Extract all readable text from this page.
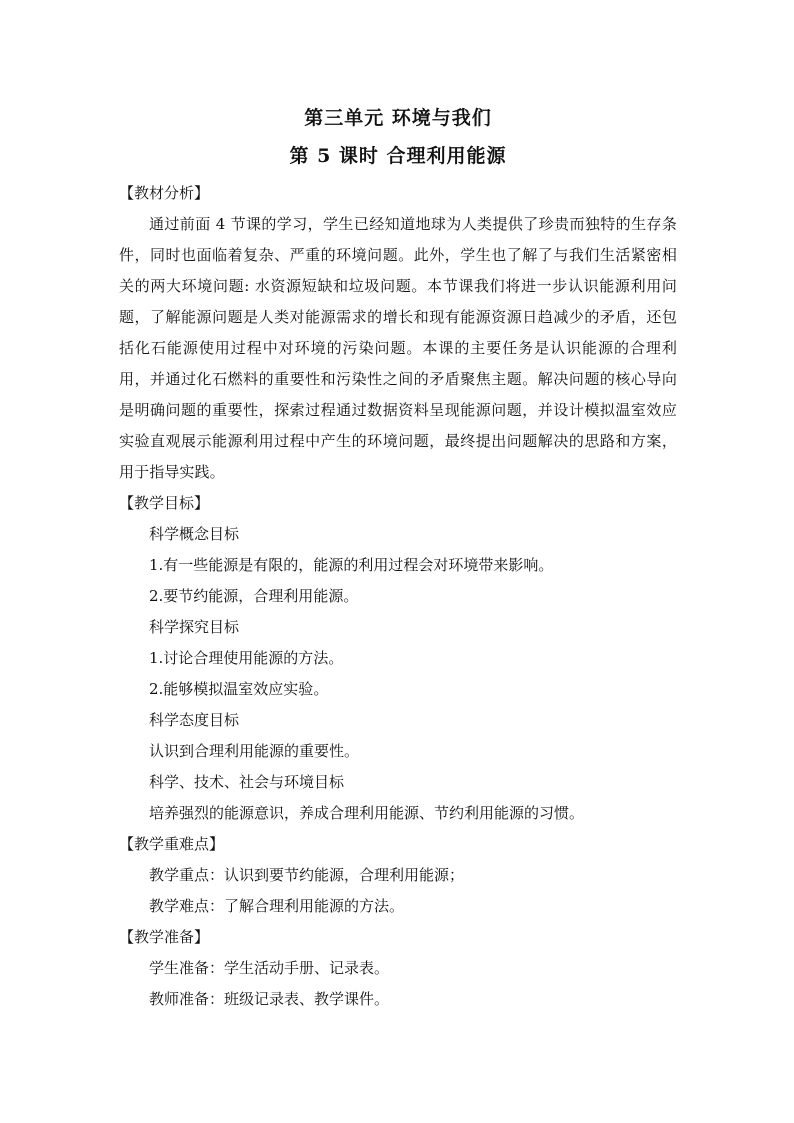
第三单元 环境与我们
第 5 课时 合理利用能源
【教材分析】

通过前面 4 节课的学习，学生已经知道地球为人类提供了珍贵而独特的生存条件，同时也面临着复杂、严重的环境问题。此外，学生也了解了与我们生活紧密相关的两大环境问题: 水资源短缺和垃圾问题。本节课我们将进一步认识能源利用问题，了解能源问题是人类对能源需求的增长和现有能源资源日趋减少的矛盾，还包括化石能源使用过程中对环境的污染问题。本课的主要任务是认识能源的合理利用，并通过化石燃料的重要性和污染性之间的矛盾聚焦主题。解决问题的核心导向是明确问题的重要性，探索过程通过数据资料呈现能源问题，并设计模拟温室效应实验直观展示能源利用过程中产生的环境问题，最终提出问题解决的思路和方案，用于指导实践。

【教学目标】
科学概念目标
1.有一些能源是有限的，能源的利用过程会对环境带来影响。
2.要节约能源，合理利用能源。
科学探究目标
1.讨论合理使用能源的方法。
2.能够模拟温室效应实验。
科学态度目标
认识到合理利用能源的重要性。
科学、技术、社会与环境目标
培养强烈的能源意识，养成合理利用能源、节约利用能源的习惯。
【教学重难点】
教学重点：认识到要节约能源，合理利用能源；
教学难点：了解合理利用能源的方法。
【教学准备】
学生准备：学生活动手册、记录表。
教师准备：班级记录表、教学课件。
